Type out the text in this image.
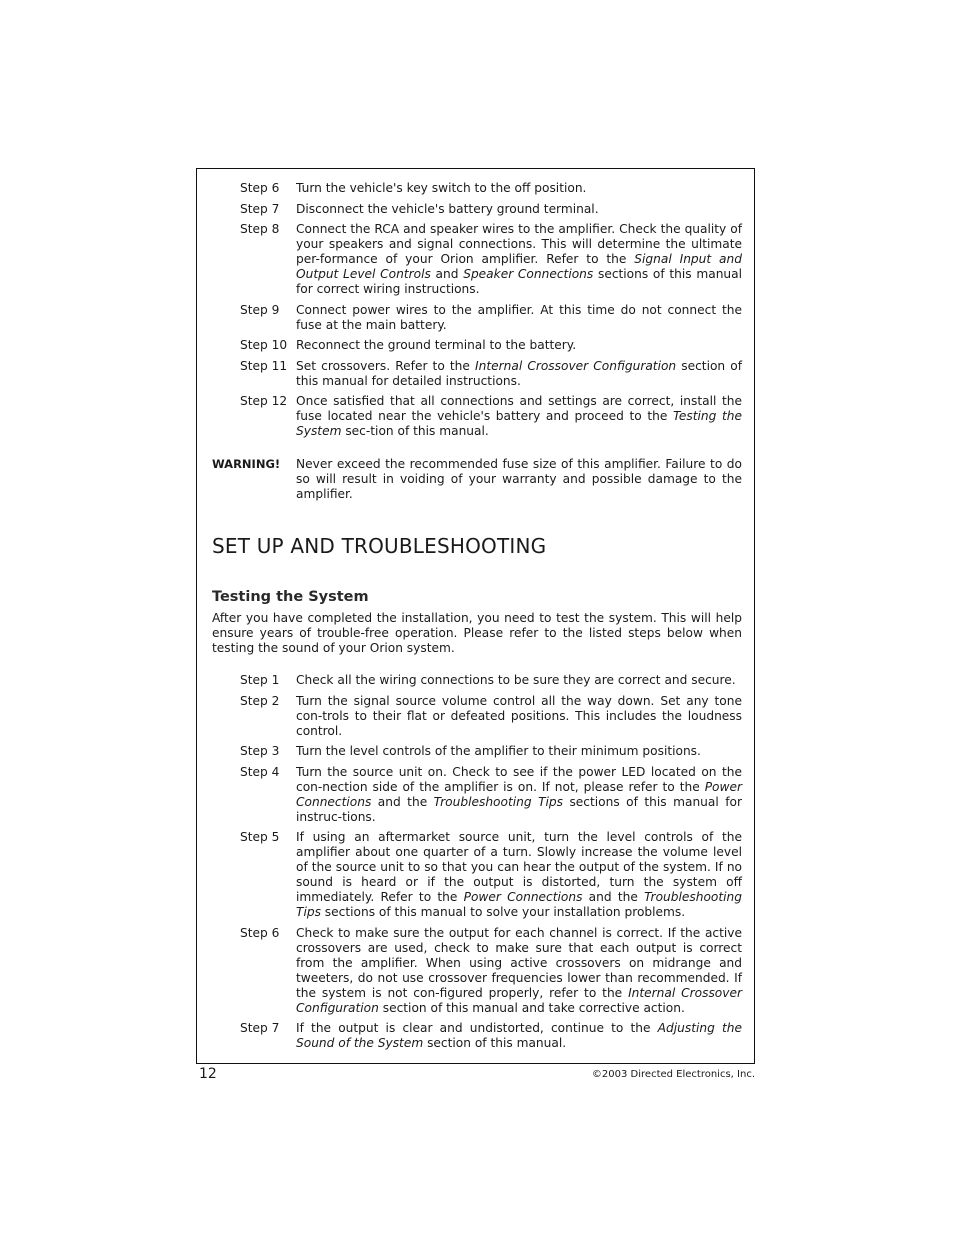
Step 6	Turn the vehicle's key switch to the off position.
Step 7	Disconnect the vehicle's battery ground terminal.
Step 8	Connect the RCA and speaker wires to the amplifier. Check the quality of your speakers and signal connections. This will determine the ultimate per-formance of your Orion amplifier. Refer to the Signal Input and Output Level Controls and Speaker Connections sections of this manual for correct wiring instructions.
Step 9	Connect power wires to the amplifier. At this time do not connect the fuse at the main battery.
Step 10 Reconnect the ground terminal to the battery.
Step 11 Set crossovers. Refer to the Internal Crossover Configuration section of this manual for detailed instructions.
Step 12 Once satisfied that all connections and settings are correct, install the fuse located near the vehicle's battery and proceed to the Testing the System sec-tion of this manual.
WARNING!	Never exceed the recommended fuse size of this amplifier. Failure to do so will result in voiding of your warranty and possible damage to the amplifier.
SET UP AND TROUBLESHOOTING
Testing the System

After you have completed the installation, you need to test the system. This will help ensure years of trouble-free operation. Please refer to the listed steps below when testing the sound of your Orion system.

Step 1	Check all the wiring connections to be sure they are correct and secure.
Step 2	Turn the signal source volume control all the way down. Set any tone con-trols to their flat or defeated positions. This includes the loudness control.
Step 3	Turn the level controls of the amplifier to their minimum positions.
Step 4	Turn the source unit on. Check to see if the power LED located on the con-nection side of the amplifier is on. If not, please refer to the Power Connections and the Troubleshooting Tips sections of this manual for instruc-tions.
Step 5	If using an aftermarket source unit, turn the level controls of the amplifier about one quarter of a turn. Slowly increase the volume level of the source unit to so that you can hear the output of the system. If no sound is heard or if the output is distorted, turn the system off immediately. Refer to the Power Connections and the Troubleshooting Tips sections of this manual to solve your installation problems.
Step 6	Check to make sure the output for each channel is correct. If the active crossovers are used, check to make sure that each output is correct from the amplifier. When using active crossovers on midrange and tweeters, do not use crossover frequencies lower than recommended. If the system is not con-figured properly, refer to the Internal Crossover Configuration section of this manual and take corrective action.
Step 7	If the output is clear and undistorted, continue to the Adjusting the Sound of the System section of this manual.
12	©2003 Directed Electronics, Inc.
